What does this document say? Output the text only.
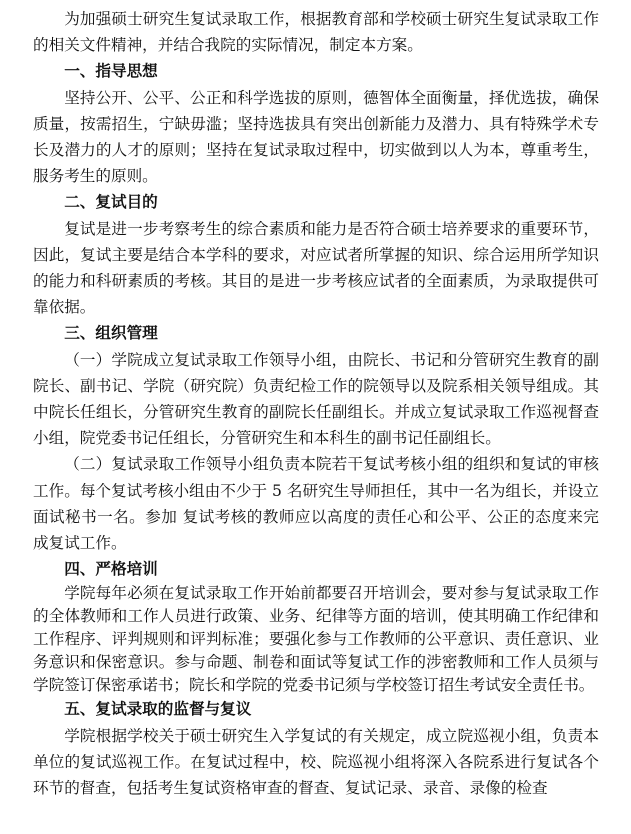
为加强硕士研究生复试录取工作，根据教育部和学校硕士研究生复试录取工作的相关文件精神，并结合我院的实际情况，制定本方案。

一、指导思想

坚持公开、公平、公正和科学选拔的原则，德智体全面衡量，择优选拔，确保质量，按需招生，宁缺毋滥；坚持选拔具有突出创新能力及潜力、具有特殊学术专长及潜力的人才的原则；坚持在复试录取过程中，切实做到以人为本，尊重考生，服务考生的原则。

二、复试目的

复试是进一步考察考生的综合素质和能力是否符合硕士培养要求的重要环节，因此，复试主要是结合本学科的要求，对应试者所掌握的知识、综合运用所学知识的能力和科研素质的考核。其目的是进一步考核应试者的全面素质，为录取提供可靠依据。

三、组织管理

（一）学院成立复试录取工作领导小组，由院长、书记和分管研究生教育的副院长、副书记、学院（研究院）负责纪检工作的院领导以及院系相关领导组成。其中院长任组长，分管研究生教育的副院长任副组长。并成立复试录取工作巡视督查小组，院党委书记任组长，分管研究生和本科生的副书记任副组长。

（二）复试录取工作领导小组负责本院若干复试考核小组的组织和复试的审核工作。每个复试考核小组由不少于 5 名研究生导师担任，其中一名为组长，并设立面试秘书一名。参加 复试考核的教师应以高度的责任心和公平、公正的态度来完成复试工作。

四、严格培训

学院每年必须在复试录取工作开始前都要召开培训会，要对参与复试录取工作的全体教师和工作人员进行政策、业务、纪律等方面的培训，使其明确工作纪律和工作程序、评判规则和评判标准；要强化参与工作教师的公平意识、责任意识、业务意识和保密意识。参与命题、制卷和面试等复试工作的涉密教师和工作人员须与学院签订保密承诺书；院长和学院的党委书记须与学校签订招生考试安全责任书。

五、复试录取的监督与复议

学院根据学校关于硕士研究生入学复试的有关规定，成立院巡视小组，负责本单位的复试巡视工作。在复试过程中，校、院巡视小组将深入各院系进行复试各个环节的督查，包括考生复试资格审查的督查、复试记录、录音、录像的检查
